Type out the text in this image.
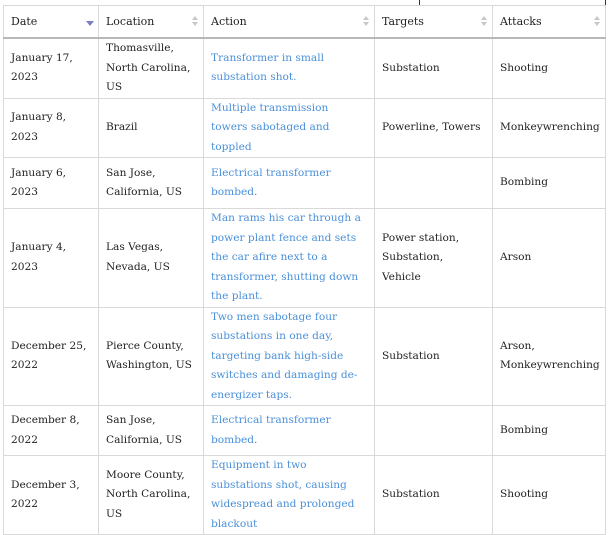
Date	Location	Action	Targets	Attacks

January 17, 2023	Thomasville, North Carolina, US	Transformer in small substation shot.	Substation	Shooting
January 8, 2023	Brazil	Multiple transmission towers sabotaged and toppled	Powerline, Towers	Monkeywrenching
January 6, 2023	San Jose, California, US	Electrical transformer bombed.		Bombing
January 4, 2023	Las Vegas, Nevada, US	Man rams his car through a power plant fence and sets the car afire next to a transformer, shutting down the plant.	Power station, Substation, Vehicle	Arson
December 25, 2022	Pierce County, Washington, US	Two men sabotage four substations in one day, targeting bank high-side switches and damaging de-energizer taps.	Substation	Arson, Monkeywrenching
December 8, 2022	San Jose, California, US	Electrical transformer bombed.		Bombing
December 3, 2022	Moore County, North Carolina, US	Equipment in two substations shot, causing widespread and prolonged blackout	Substation	Shooting
